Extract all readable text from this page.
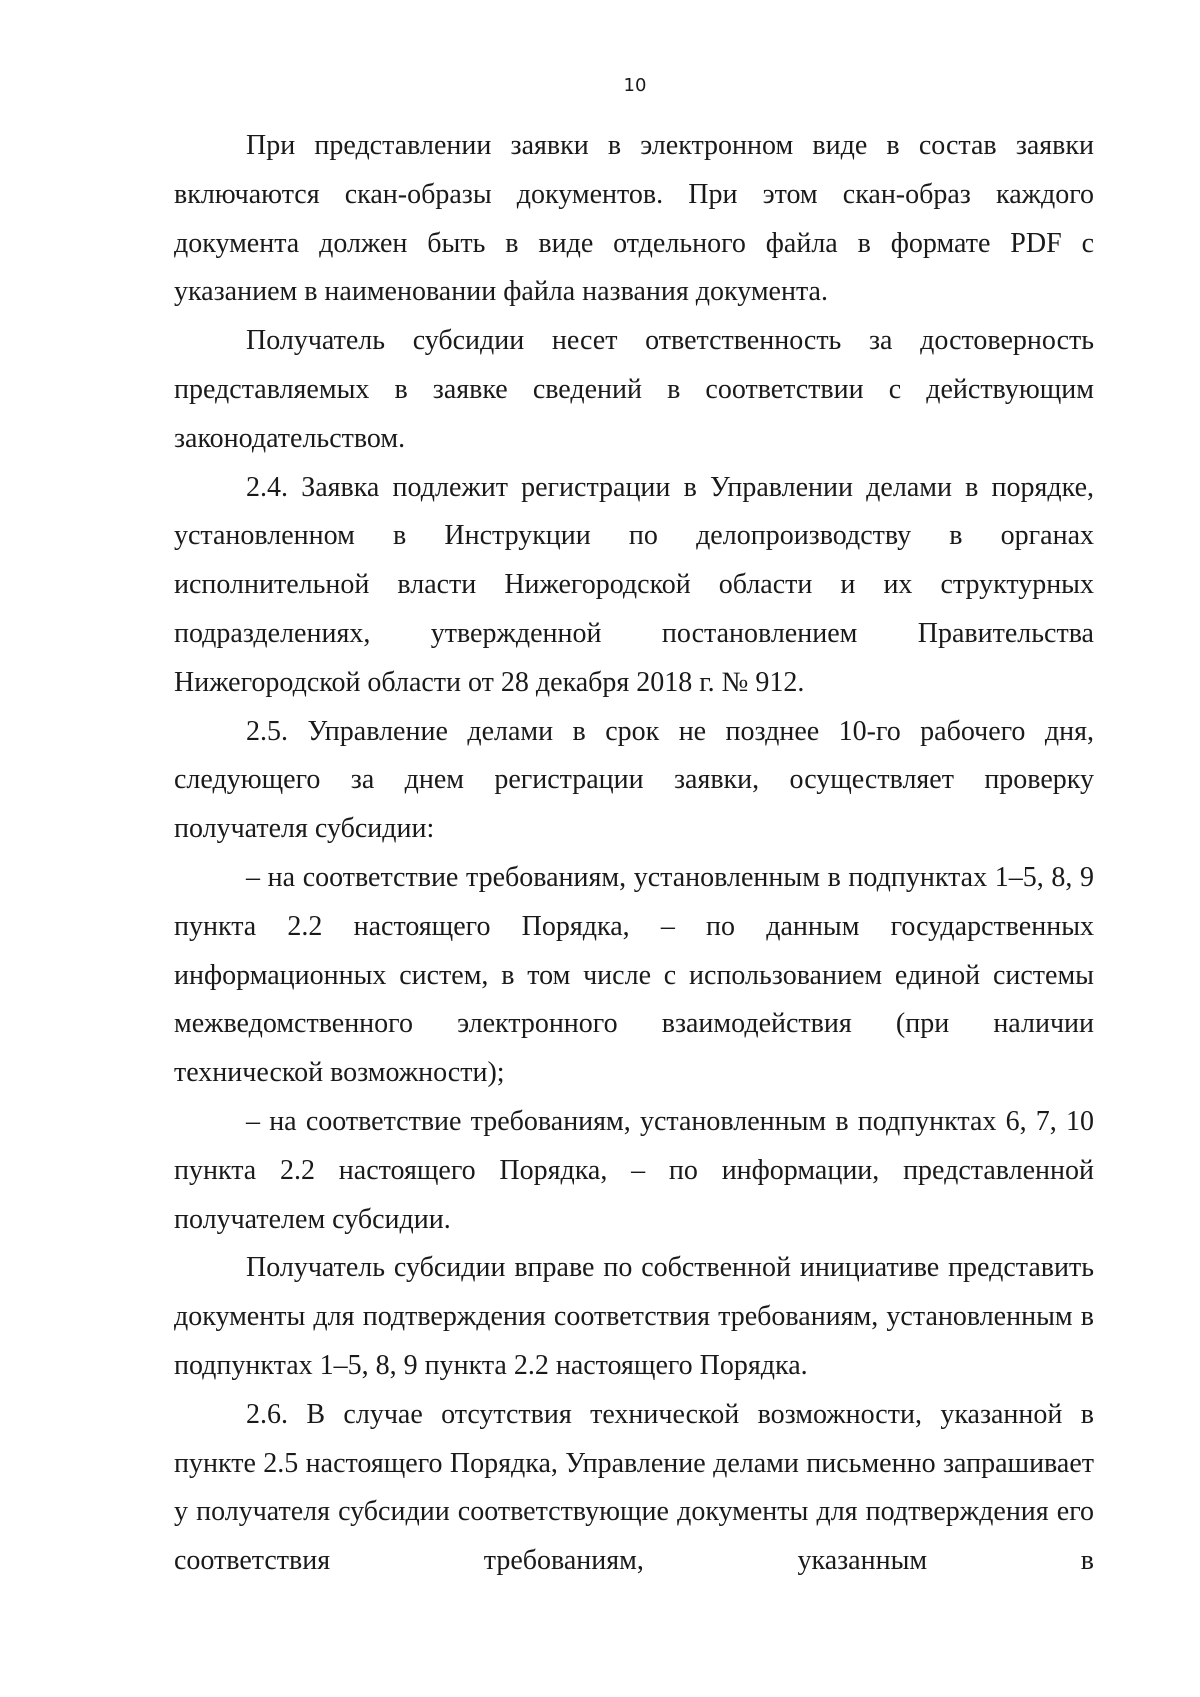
10

При представлении заявки в электронном виде в состав заявки включаются скан-образы документов. При этом скан-образ каждого документа должен быть в виде отдельного файла в формате PDF с указанием в наименовании файла названия документа.

Получатель субсидии несет ответственность за достоверность представляемых в заявке сведений в соответствии с действующим законодательством.

2.4. Заявка подлежит регистрации в Управлении делами в порядке, установленном в Инструкции по делопроизводству в органах исполнительной власти Нижегородской области и их структурных подразделениях, утвержденной постановлением Правительства Нижегородской области от 28 декабря 2018 г. № 912.

2.5. Управление делами в срок не позднее 10-го рабочего дня, следующего за днем регистрации заявки, осуществляет проверку получателя субсидии:

– на соответствие требованиям, установленным в подпунктах 1–5, 8, 9 пункта 2.2 настоящего Порядка, – по данным государственных информационных систем, в том числе с использованием единой системы межведомственного электронного взаимодействия (при наличии технической возможности);

– на соответствие требованиям, установленным в подпунктах 6, 7, 10 пункта 2.2 настоящего Порядка, – по информации, представленной получателем субсидии.

Получатель субсидии вправе по собственной инициативе представить документы для подтверждения соответствия требованиям, установленным в подпунктах 1–5, 8, 9 пункта 2.2 настоящего Порядка.

2.6. В случае отсутствия технической возможности, указанной в пункте 2.5 настоящего Порядка, Управление делами письменно запрашивает у получателя субсидии соответствующие документы для подтверждения его соответствия требованиям, указанным в
